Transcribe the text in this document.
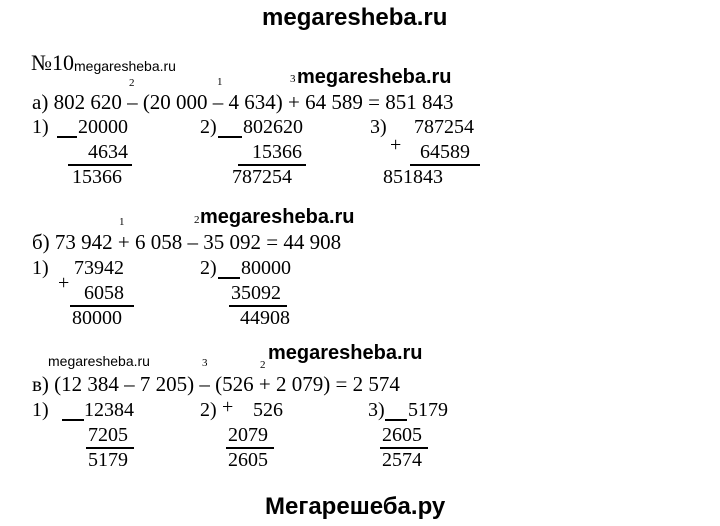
megaresheba.ru
№10 megaresheba.ru
2	1	3 megaresheba.ru
а) 802 620 – (20 000 – 4 634) + 64 589 = 851 843
1) 20000
4634
15366
2) 802620
15366
787254
3) 787254
+ 64589
851843
1	2 megaresheba.ru
б) 73 942 + 6 058 – 35 092 = 44 908
1) 73942
+ 6058
80000
2) 80000
35092
44908
megaresheba.ru	3	2
megaresheba.ru
в) (12 384 – 7 205) – (526 + 2 079) = 2 574
1) 12384
7205
5179
2) + 526
2079
2605
3) 5179
2605
2574
Мегарешеба.ру
